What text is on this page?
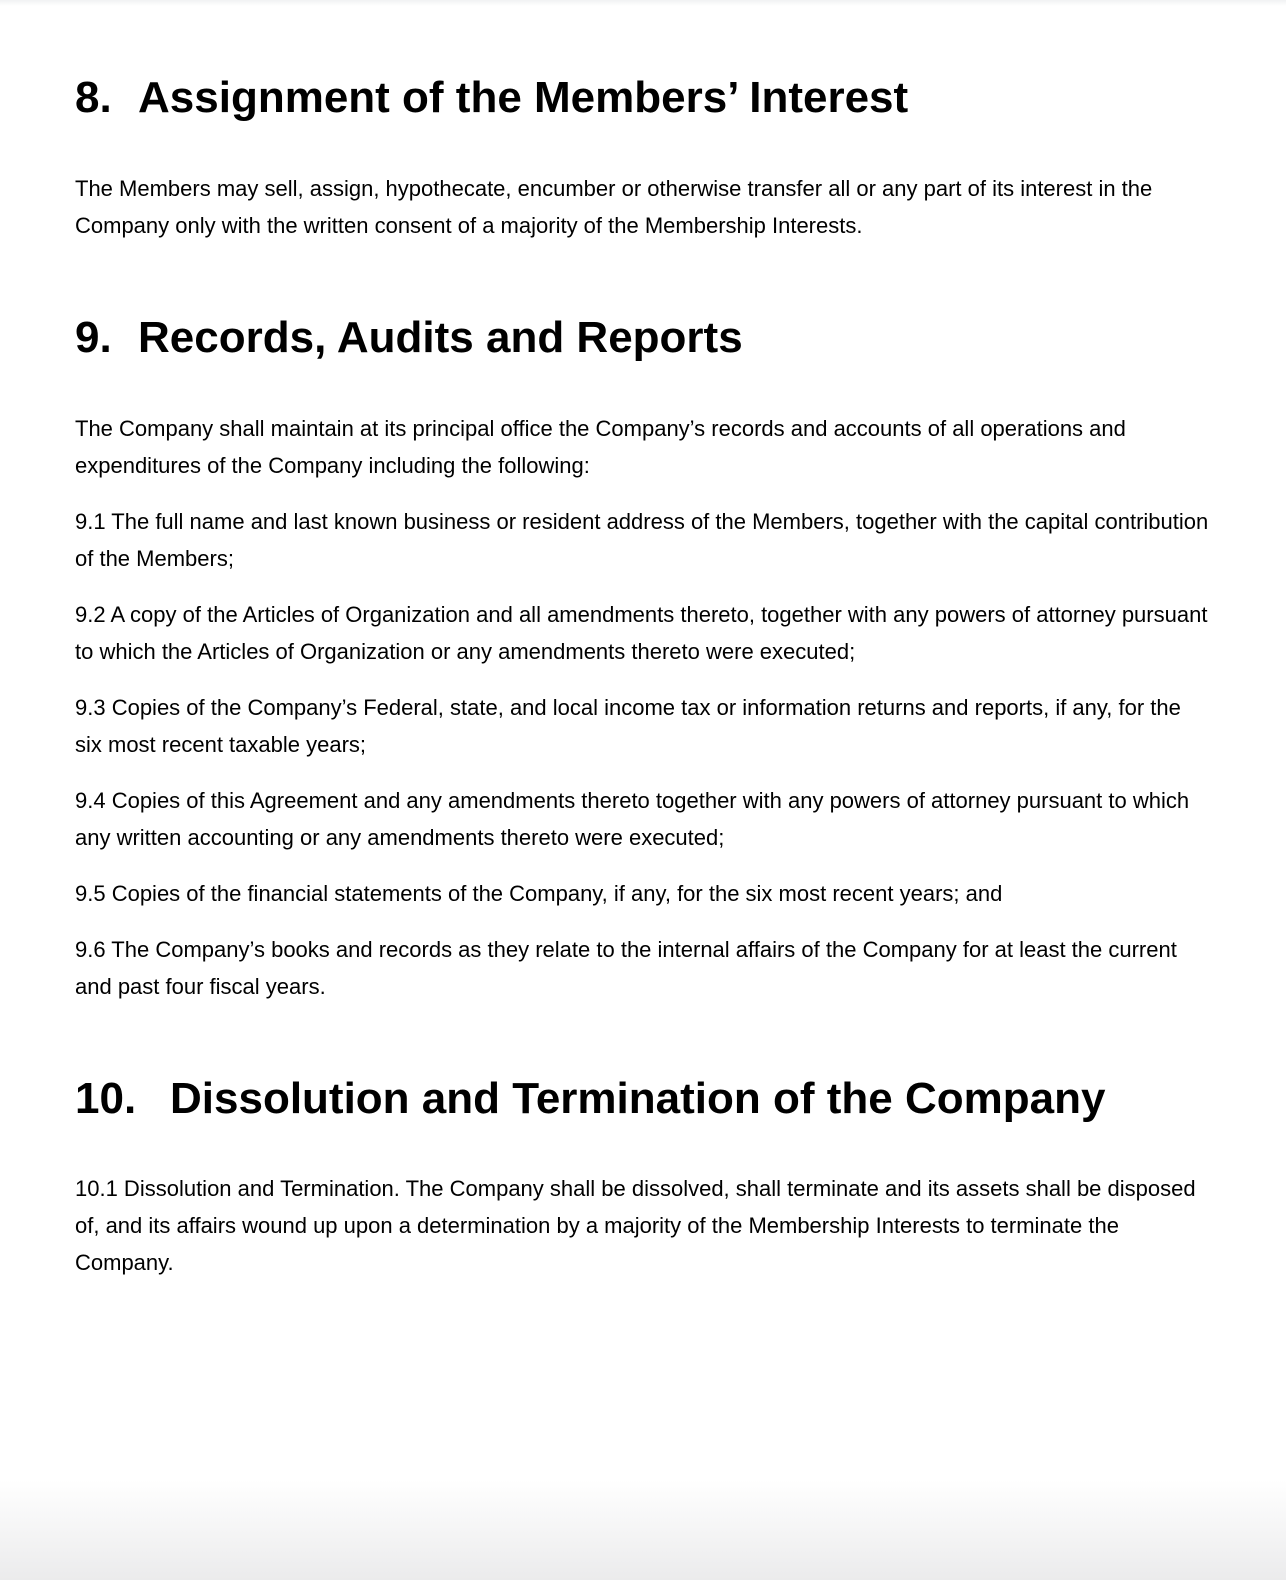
8. Assignment of the Members’ Interest

The Members may sell, assign, hypothecate, encumber or otherwise transfer all or any part of its interest in the Company only with the written consent of a majority of the Membership Interests.

9. Records, Audits and Reports

The Company shall maintain at its principal office the Company’s records and accounts of all operations and expenditures of the Company including the following:

9.1 The full name and last known business or resident address of the Members, together with the capital contribution of the Members;

9.2 A copy of the Articles of Organization and all amendments thereto, together with any powers of attorney pursuant to which the Articles of Organization or any amendments thereto were executed;

9.3 Copies of the Company’s Federal, state, and local income tax or information returns and reports, if any, for the six most recent taxable years;

9.4 Copies of this Agreement and any amendments thereto together with any powers of attorney pursuant to which any written accounting or any amendments thereto were executed;

9.5 Copies of the financial statements of the Company, if any, for the six most recent years; and

9.6 The Company’s books and records as they relate to the internal affairs of the Company for at least the current and past four fiscal years.

10. Dissolution and Termination of the Company

10.1 Dissolution and Termination. The Company shall be dissolved, shall terminate and its assets shall be disposed of, and its affairs wound up upon a determination by a majority of the Membership Interests to terminate the Company.
